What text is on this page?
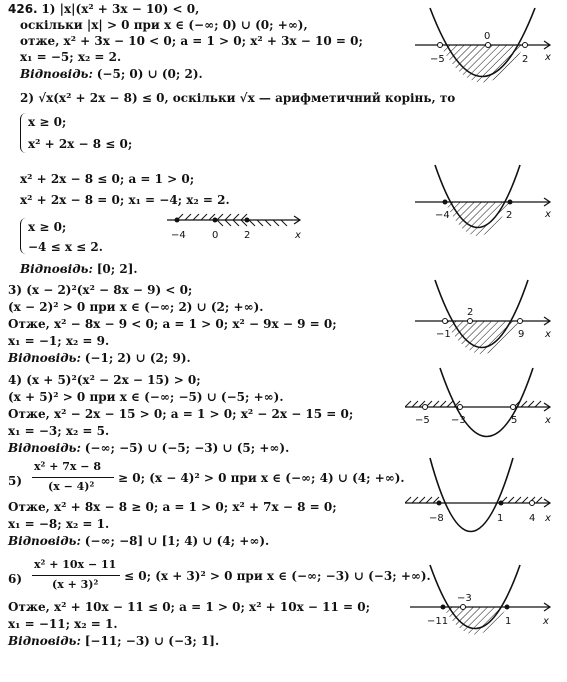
426. 1) |x|(x² + 3x − 10) < 0,
оскільки |x| > 0 при x ∈ (−∞; 0) ∪ (0; +∞),
отже, x² + 3x − 10 < 0; a = 1 > 0; x² + 3x − 10 = 0;
x₁ = −5; x₂ = 2.
Відповідь: (−5; 0) ∪ (0; 2).
0
−5	2 x
2) √x(x² + 2x − 8) ≤ 0, оскільки √x — арифметичний корінь, то
x ≥ 0;
x² + 2x − 8 ≤ 0;
x² + 2x − 8 ≤ 0; a = 1 > 0;
x² + 2x − 8 = 0; x₁ = −4; x₂ = 2.
x ≥ 0;
−4 ≤ x ≤ 2.
Відповідь: [0; 2].
−4	0	2	x
−4	2	x
3) (x − 2)²(x² − 8x − 9) < 0;
(x − 2)² > 0 при x ∈ (−∞; 2) ∪ (2; +∞).
Отже, x² − 8x − 9 < 0; a = 1 > 0; x² − 9x − 9 = 0;
x₁ = −1; x₂ = 9.
Відповідь: (−1; 2) ∪ (2; 9).
2
−1	9 x
4) (x + 5)²(x² − 2x − 15) > 0;
(x + 5)² > 0 при x ∈ (−∞; −5) ∪ (−5; +∞).
Отже, x² − 2x − 15 > 0; a = 1 > 0; x² − 2x − 15 = 0;
x₁ = −3; x₂ = 5.
Відповідь: (−∞; −5) ∪ (−5; −3) ∪ (5; +∞).
−5 −3	5	x
5)
x² + 7x − 8
(x − 4)²
≥ 0; (x − 4)² > 0 при x ∈ (−∞; 4) ∪ (4; +∞).
Отже, x² + 8x − 8 ≥ 0; a = 1 > 0; x² + 7x − 8 = 0;
x₁ = −8; x₂ = 1.
Відповідь: (−∞; −8] ∪ [1; 4) ∪ (4; +∞).
−8	1	4 x
6)
x² + 10x − 11
(x + 3)²
≤ 0; (x + 3)² > 0 при x ∈ (−∞; −3) ∪ (−3; +∞).
Отже, x² + 10x − 11 ≤ 0; a = 1 > 0; x² + 10x − 11 = 0;
x₁ = −11; x₂ = 1.
Відповідь: [−11; −3) ∪ (−3; 1].
−3
−11	1	x
